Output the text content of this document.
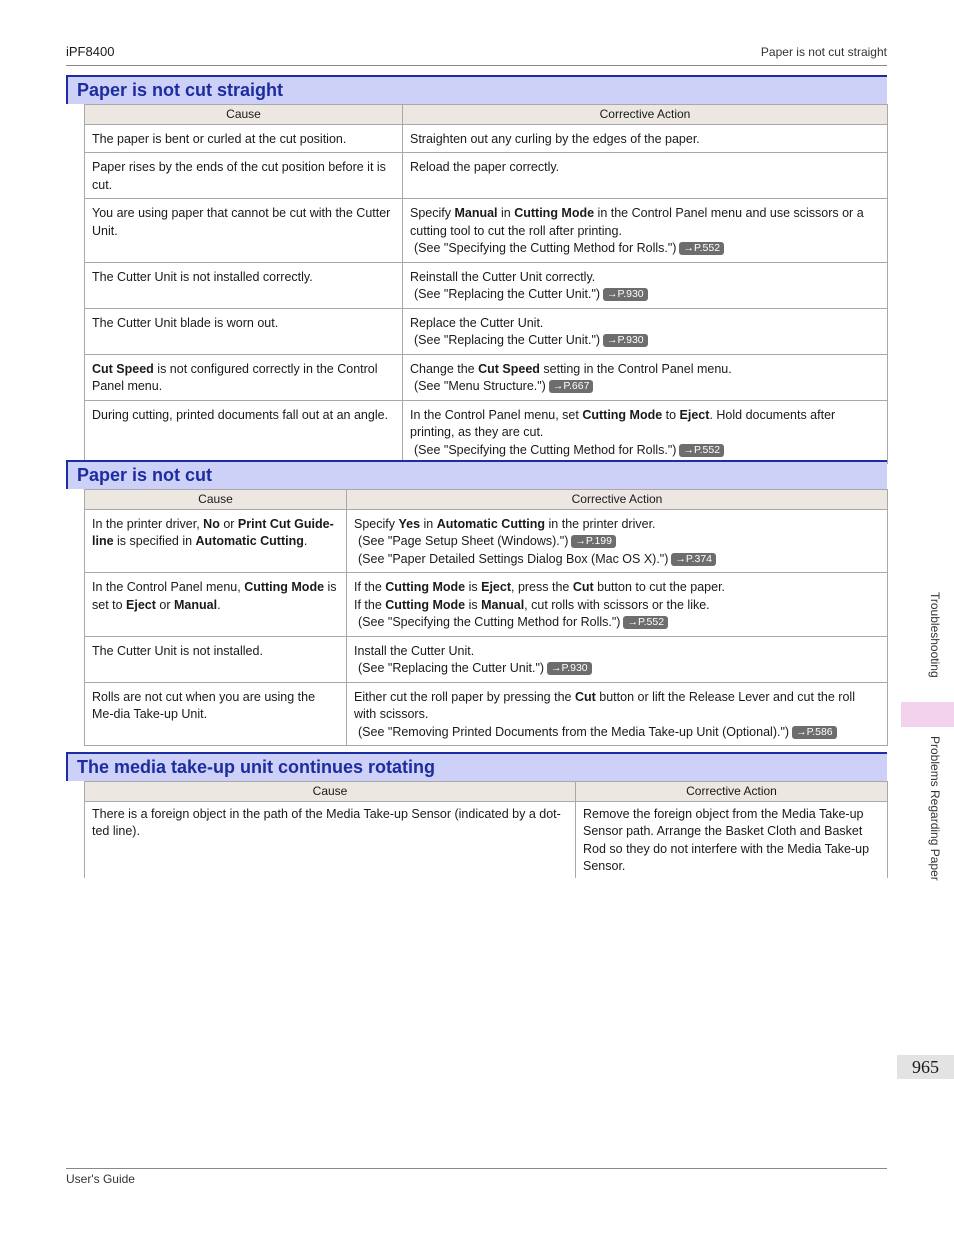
iPF8400	Paper is not cut straight
Paper is not cut straight
Cause	Corrective Action
The paper is bent or curled at the cut position.	Straighten out any curling by the edges of the paper.
Paper rises by the ends of the cut position before it is cut.	Reload the paper correctly.
You are using paper that cannot be cut with the Cutter Unit.	Specify Manual in Cutting Mode in the Control Panel menu and use scissors or a cutting tool to cut the roll after printing.
(See "Specifying the Cutting Method for Rolls.") →P.552

The Cutter Unit is not installed correctly.	Reinstall the Cutter Unit correctly.
(See "Replacing the Cutter Unit.") →P.930

The Cutter Unit blade is worn out.	Replace the Cutter Unit.
(See "Replacing the Cutter Unit.") →P.930

Cut Speed is not configured correctly in the Control Panel menu.	Change the Cut Speed setting in the Control Panel menu.
(See "Menu Structure.") →P.667

During cutting, printed documents fall out at an angle.	In the Control Panel menu, set Cutting Mode to Eject. Hold documents after printing, as they are cut.
(See "Specifying the Cutting Method for Rolls.") →P.552
Paper is not cut
Cause	Corrective Action
In the printer driver, No or Print Cut Guide-line is specified in Automatic Cutting.	Specify Yes in Automatic Cutting in the printer driver.
(See "Page Setup Sheet (Windows).") →P.199
(See "Paper Detailed Settings Dialog Box (Mac OS X).") →P.374

In the Control Panel menu, Cutting Mode is set to Eject or Manual.	If the Cutting Mode is Eject, press the Cut button to cut the paper.
If the Cutting Mode is Manual, cut rolls with scissors or the like.
(See "Specifying the Cutting Method for Rolls.") →P.552

The Cutter Unit is not installed.	Install the Cutter Unit.
(See "Replacing the Cutter Unit.") →P.930

Rolls are not cut when you are using the Me-dia Take-up Unit.	Either cut the roll paper by pressing the Cut button or lift the Release Lever and cut the roll with scissors.
(See "Removing Printed Documents from the Media Take-up Unit (Optional).") →P.586
The media take-up unit continues rotating
Cause	Corrective Action
There is a foreign object in the path of the Media Take-up Sensor (indicated by a dot-ted line).	Remove the foreign object from the Media Take-up Sensor path. Arrange the Basket Cloth and Basket Rod so they do not interfere with the Media Take-up Sensor.
Troubleshooting
Problems Regarding Paper
965
User's Guide
